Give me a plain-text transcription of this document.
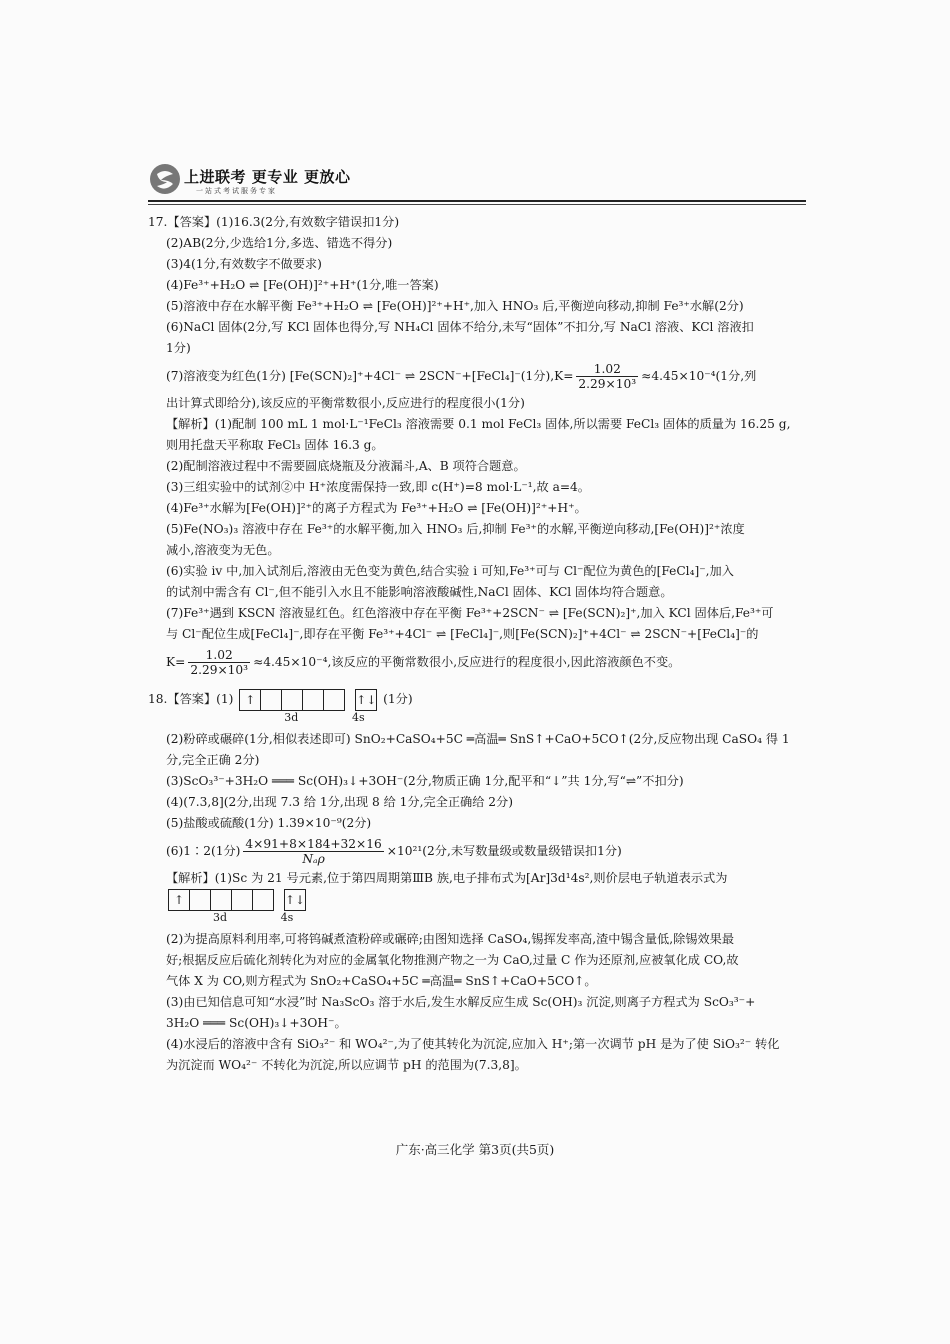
上进联考 更专业 更放心
一站式考试服务专家
17.【答案】(1)16.3(2分,有效数字错误扣1分)
(2)AB(2分,少选给1分,多选、错选不得分)
(3)4(1分,有效数字不做要求)
(4)Fe³⁺+H₂O ⇌ [Fe(OH)]²⁺+H⁺(1分,唯一答案)
(5)溶液中存在水解平衡 Fe³⁺+H₂O ⇌ [Fe(OH)]²⁺+H⁺,加入 HNO₃ 后,平衡逆向移动,抑制 Fe³⁺水解(2分)
(6)NaCl 固体(2分,写 KCl 固体也得分,写 NH₄Cl 固体不给分,未写“固体”不扣分,写 NaCl 溶液、KCl 溶液扣
1分)
(7)溶液变为红色(1分) [Fe(SCN)₂]⁺+4Cl⁻ ⇌ 2SCN⁻+[FeCl₄]⁻(1分)$,K= \frac{1.02}{\text{2.29×10³}} \approx 4.45\times 10^{-4}(1$分,列
出计算式即给分),该反应的平衡常数很小,反应进行的程度很小(1分)
【解析】(1)配制 100 mL 1 mol·L⁻¹FeCl₃ 溶液需要 0.1 mol FeCl₃ 固体,所以需要 FeCl₃ 固体的质量为 16.25 g,
则用托盘天平称取 FeCl₃ 固体 16.3 g。
(2)配制溶液过程中不需要圆底烧瓶及分液漏斗,A、B 项符合题意。
(3)三组实验中的试剂②中 H⁺浓度需保持一致,即 c(H⁺)=8 mol·L⁻¹,故 a=4。
(4)Fe³⁺水解为[Fe(OH)]²⁺的离子方程式为 Fe³⁺+H₂O ⇌ [Fe(OH)]²⁺+H⁺。
(5)Fe(NO₃)₃ 溶液中存在 Fe³⁺的水解平衡,加入 HNO₃ 后,抑制 Fe³⁺的水解,平衡逆向移动,[Fe(OH)]²⁺浓度
减小,溶液变为无色。
(6)实验 iv 中,加入试剂后,溶液由无色变为黄色,结合实验 i 可知,Fe³⁺可与 Cl⁻配位为黄色的[FeCl₄]⁻,加入
的试剂中需含有 Cl⁻,但不能引入水且不能影响溶液酸碱性,NaCl 固体、KCl 固体均符合题意。
(7)Fe³⁺遇到 KSCN 溶液显红色。红色溶液中存在平衡 Fe³⁺+2SCN⁻ ⇌ [Fe(SCN)₂]⁺,加入 KCl 固体后,Fe³⁺可
与 Cl⁻配位生成[FeCl₄]⁻,即存在平衡 Fe³⁺+4Cl⁻ ⇌ [FeCl₄]⁻,则[Fe(SCN)₂]⁺+4Cl⁻ ⇌ 2SCN⁻+[FeCl₄]⁻的
$K= \frac{1.02}{\text{2.29×10³}} \approx 4.45\times 10^{-4}$,该反应的平衡常数很小,反应进行的程度很小,因此溶液颜色不变。
18.【答案】(1) ↑	↑↓
3d	4s
(1分)
(2)粉碎或碾碎(1分,相似表述即可) SnO₂+CaSO₄+5C ═高温═ SnS↑+CaO+5CO↑(2分,反应物出现 CaSO₄ 得 1
分,完全正确 2分)
(3)ScO₃³⁻+3H₂O ═══ Sc(OH)₃↓+3OH⁻(2分,物质正确 1分,配平和“↓”共 1分,写“⇌”不扣分)
(4)(7.3,8](2分,出现 7.3 给 1分,出现 8 给 1分,完全正确给 2分)
(5)盐酸或硫酸(1分) 1.39×10⁻⁹(2分)
(6)1∶2(1分) $\frac{4\times 91+8\times 184+32\times 16}{\text{Nₐρ}} \times 10^{21}(2$分,未写数量级或数量级错误扣1分)
【解析】(1)Sc 为 21 号元素,位于第四周期第ⅢB 族,电子排布式为[Ar]3d¹4s²,则价层电子轨道表示式为
↑	↑↓
3d	4s
(2)为提高原料利用率,可将钨碱煮渣粉碎或碾碎;由图知选择 CaSO₄,锡挥发率高,渣中锡含量低,除锡效果最
好;根据反应后硫化剂转化为对应的金属氧化物推测产物之一为 CaO,过量 C 作为还原剂,应被氧化成 CO,故
气体 X 为 CO,则方程式为 SnO₂+CaSO₄+5C ═高温═ SnS↑+CaO+5CO↑。
(3)由已知信息可知“水浸”时 Na₃ScO₃ 溶于水后,发生水解反应生成 Sc(OH)₃ 沉淀,则离子方程式为 ScO₃³⁻+
3H₂O ═══ Sc(OH)₃↓+3OH⁻。
(4)水浸后的溶液中含有 SiO₃²⁻ 和 WO₄²⁻,为了使其转化为沉淀,应加入 H⁺;第一次调节 pH 是为了使 SiO₃²⁻ 转化
为沉淀而 WO₄²⁻ 不转化为沉淀,所以应调节 pH 的范围为(7.3,8]。
广东·高三化学 第3页(共5页)
